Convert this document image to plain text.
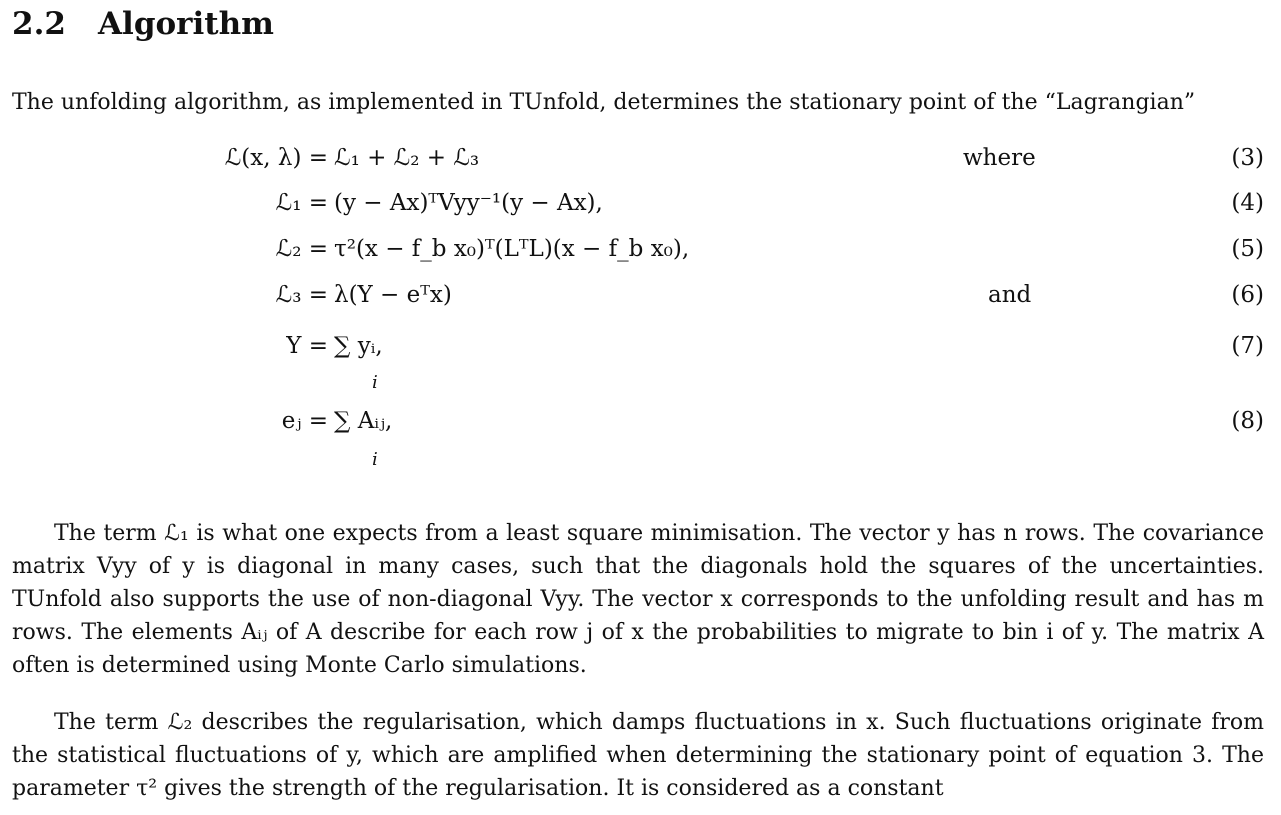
2.2 Algorithm
The unfolding algorithm, as implemented in TUnfold, determines the stationary point of the “Lagrangian”
ℒ(x, λ) = ℒ₁ + ℒ₂ + ℒ₃	where	(3)
ℒ₁ = (y − Ax)ᵀVyy⁻¹(y − Ax),	(4)
ℒ₂ = τ²(x − f_b x₀)ᵀ(LᵀL)(x − f_b x₀),	(5)
ℒ₃ = λ(Y − eᵀx)	and	(6)
Y = ∑ yᵢ,
i
(7)
eⱼ = ∑ Aᵢⱼ,
i
(8)
The term ℒ₁ is what one expects from a least square minimisation. The vector y has n rows. The covariance matrix Vyy of y is diagonal in many cases, such that the diagonals hold the squares of the uncertainties. TUnfold also supports the use of non-diagonal Vyy. The vector x corresponds to the unfolding result and has m rows. The elements Aᵢⱼ of A describe for each row j of x the probabilities to migrate to bin i of y. The matrix A often is determined using Monte Carlo simulations.
The term ℒ₂ describes the regularisation, which damps fluctuations in x. Such fluctuations originate from the statistical fluctuations of y, which are amplified when determining the stationary point of equation 3. The parameter τ² gives the strength of the regularisation. It is considered as a constant
